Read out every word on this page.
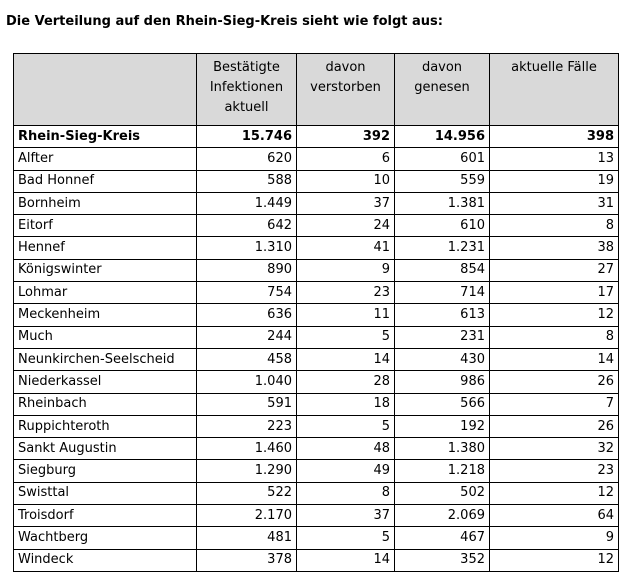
Die Verteilung auf den Rhein-Sieg-Kreis sieht wie folgt aus:
	Bestätigte Infektionen aktuell	davon verstorben	davon genesen	aktuelle Fälle
Rhein-Sieg-Kreis	15.746	392	14.956	398
Alfter	620	6	601	13
Bad Honnef	588	10	559	19
Bornheim	1.449	37	1.381	31
Eitorf	642	24	610	8
Hennef	1.310	41	1.231	38
Königswinter	890	9	854	27
Lohmar	754	23	714	17
Meckenheim	636	11	613	12
Much	244	5	231	8
Neunkirchen-Seelscheid	458	14	430	14
Niederkassel	1.040	28	986	26
Rheinbach	591	18	566	7
Ruppichteroth	223	5	192	26
Sankt Augustin	1.460	48	1.380	32
Siegburg	1.290	49	1.218	23
Swisttal	522	8	502	12
Troisdorf	2.170	37	2.069	64
Wachtberg	481	5	467	9
Windeck	378	14	352	12
